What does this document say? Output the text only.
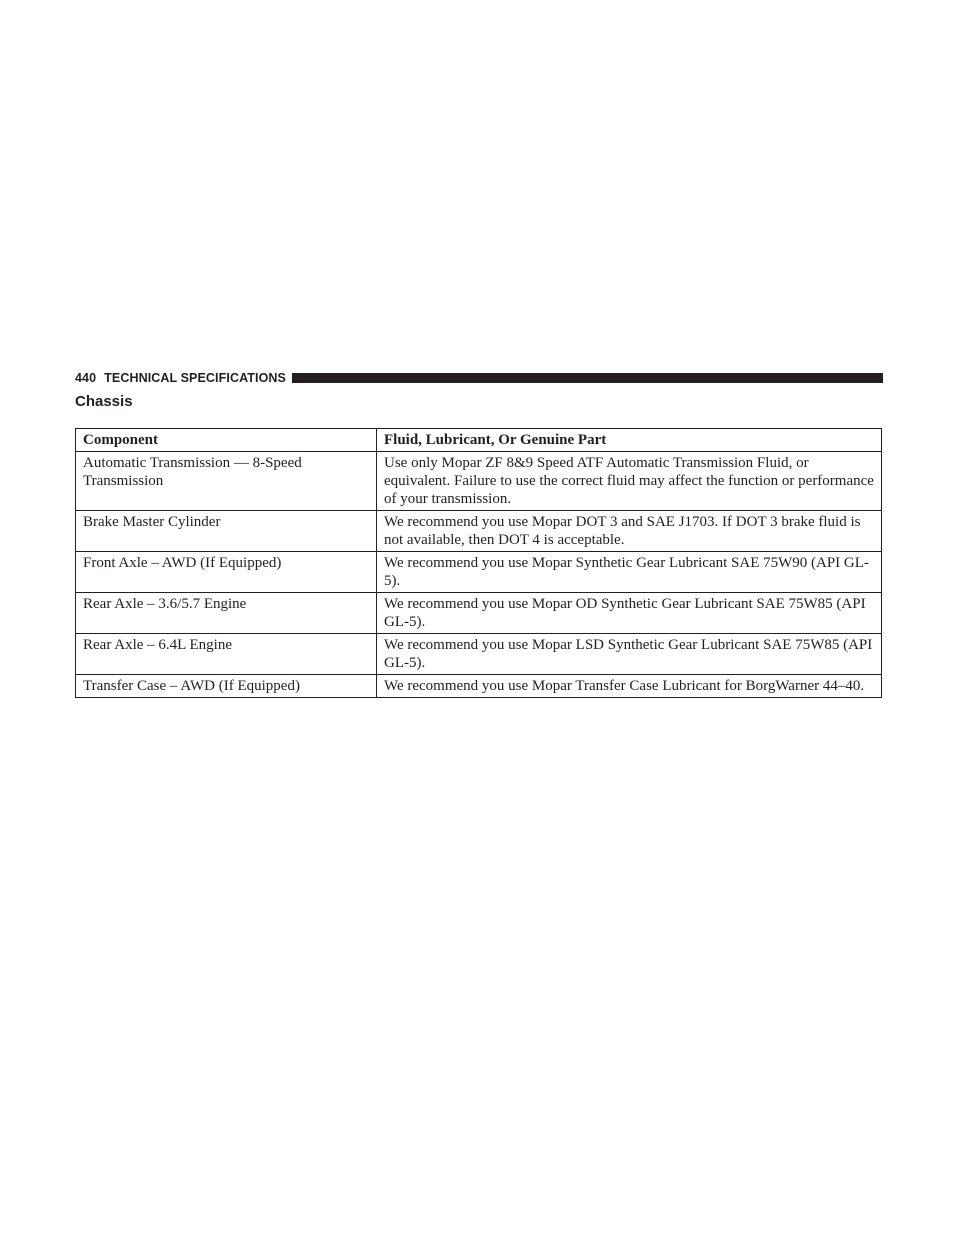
440 TECHNICAL SPECIFICATIONS
Chassis
Component	Fluid, Lubricant, Or Genuine Part
Automatic Transmission — 8-Speed Transmission	Use only Mopar ZF 8&9 Speed ATF Automatic Transmission Fluid, or equivalent. Failure to use the correct fluid may affect the function or performance of your transmission.

Brake Master Cylinder	We recommend you use Mopar DOT 3 and SAE J1703. If DOT 3 brake fluid is not available, then DOT 4 is acceptable.

Front Axle – AWD (If Equipped)	We recommend you use Mopar Synthetic Gear Lubricant SAE 75W90 (API GL-5).

Rear Axle – 3.6/5.7 Engine	We recommend you use Mopar OD Synthetic Gear Lubricant SAE 75W85 (API GL-5).

Rear Axle – 6.4L Engine	We recommend you use Mopar LSD Synthetic Gear Lubricant SAE 75W85 (API GL-5).

Transfer Case – AWD (If Equipped)	We recommend you use Mopar Transfer Case Lubricant for BorgWarner 44–40.
